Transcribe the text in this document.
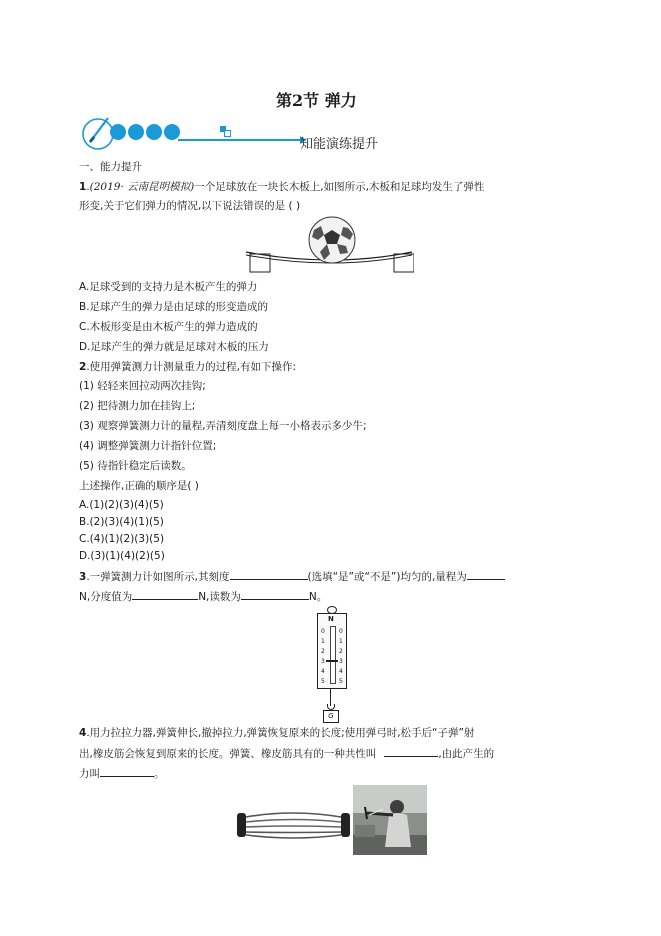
第2节 弹力
知能演练提升
一、能力提升
1.(2019· 云南昆明模拟)一个足球放在一块长木板上,如图所示,木板和足球均发生了弹性
形变,关于它们弹力的情况,以下说法错误的是 ( )
A.足球受到的支持力是木板产生的弹力
B.足球产生的弹力是由足球的形变造成的
C.木板形变是由木板产生的弹力造成的
D.足球产生的弹力就是足球对木板的压力
2.使用弹簧测力计测量重力的过程,有如下操作:
(1) 轻轻来回拉动两次挂钩;
(2) 把待测力加在挂钩上;
(3) 观察弹簧测力计的量程,弄清刻度盘上每一小格表示多少牛;
(4) 调整弹簧测力计指针位置;
(5) 待指针稳定后读数。
上述操作,正确的顺序是( )
A.(1)(2)(3)(4)(5)
B.(2)(3)(4)(1)(5)
C.(4)(1)(2)(3)(5)
D.(3)(1)(4)(2)(5)
3.一弹簧测力计如图所示,其刻度	(选填“是”或“不是”)均匀的,量程为
N,分度值为	N,读数为	N。
N
0
1
2
3
4
5
0
1
2
3
4
5
G
4.用力拉拉力器,弹簧伸长,撤掉拉力,弹簧恢复原来的长度;使用弹弓时,松手后“子弹”射
出,橡皮筋会恢复到原来的长度。弹簧、橡皮筋具有的一种共性叫	,由此产生的
力叫	。
